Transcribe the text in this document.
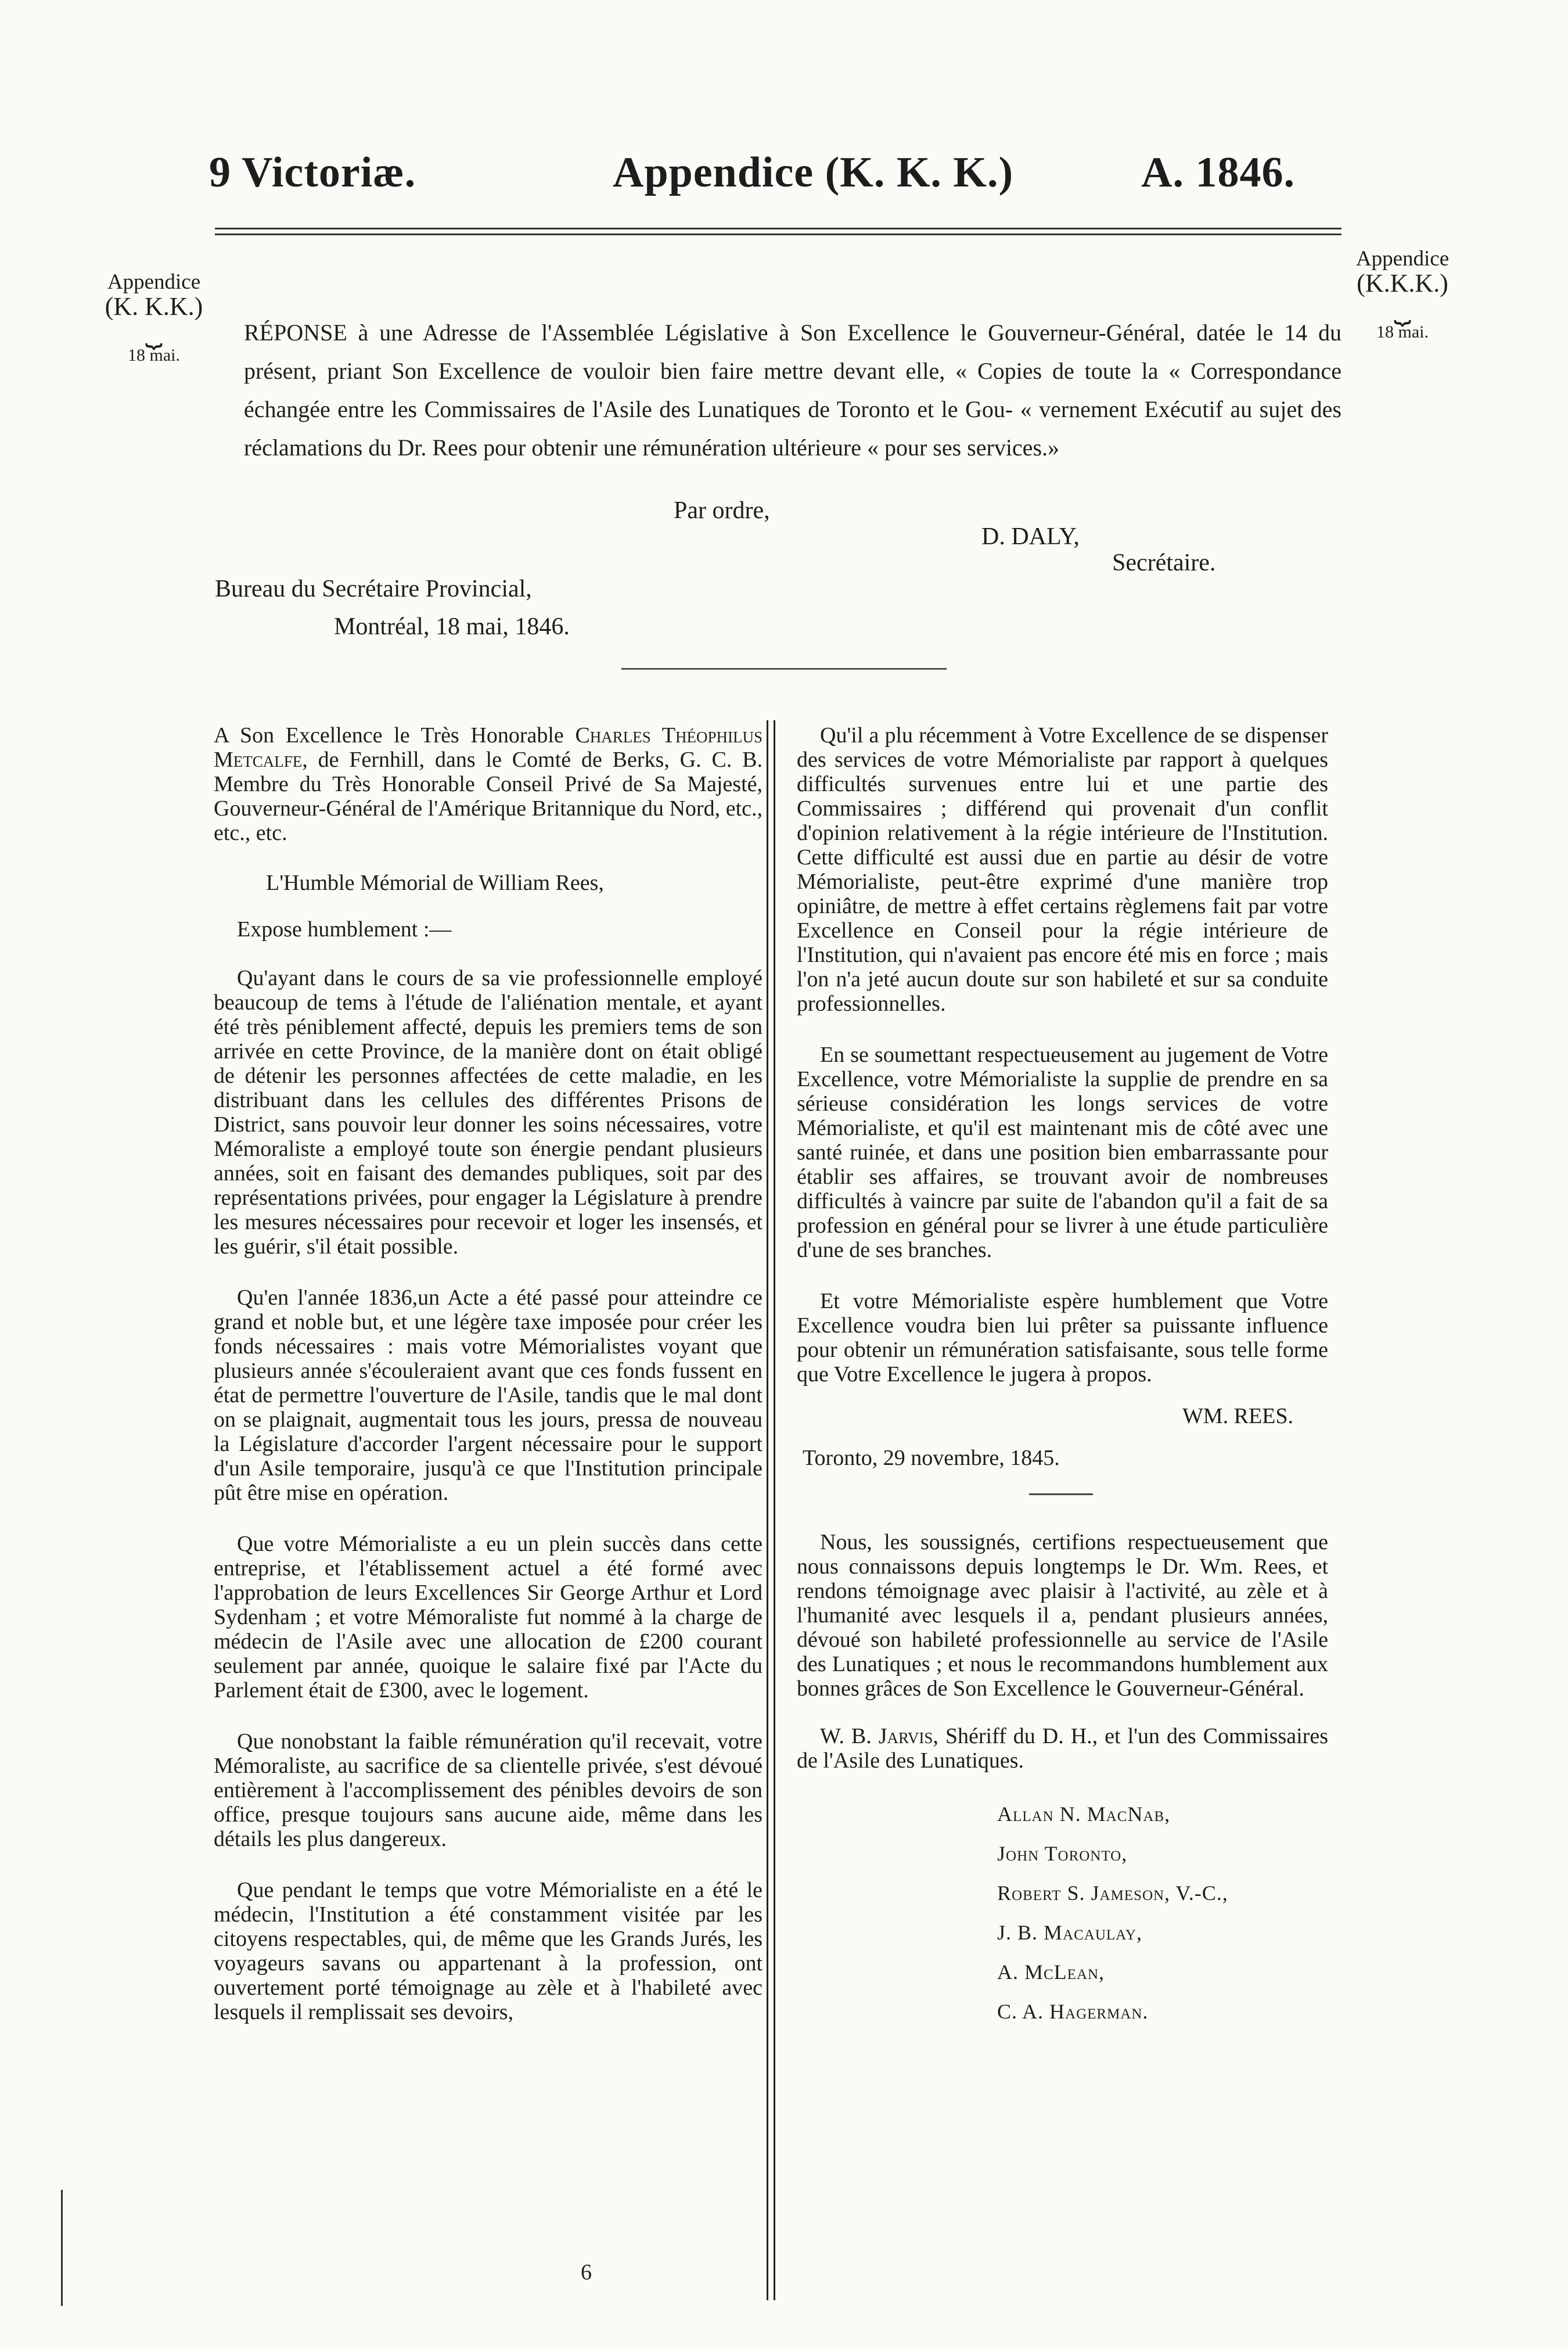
9 Victoriæ.	Appendice (K. K. K.)	A. 1846.
Appendice
(K. K.K.)
⏟
18 mai.
Appendice
(K.K.K.)
⏟
18 mai.
RÉPONSE à une Adresse de l'Assemblée Législative à Son Excellence le Gouverneur-Général, datée le 14 du présent, priant Son Excellence de vouloir bien faire mettre devant elle, « Copies de toute la « Correspondance échangée entre les Commissaires de l'Asile des Lunatiques de Toronto et le Gou- « vernement Exécutif au sujet des réclamations du Dr. Rees pour obtenir une rémunération ultérieure « pour ses services.»
Par ordre,
D. DALY,
Secrétaire.
Bureau du Secrétaire Provincial,
Montréal, 18 mai, 1846.

A Son Excellence le Très Honorable Charles Théophilus Metcalfe, de Fernhill, dans le Comté de Berks, G. C. B. Membre du Très Honorable Conseil Privé de Sa Majesté, Gouverneur-Général de l'Amérique Britannique du Nord, etc., etc., etc.

L'Humble Mémorial de William Rees,

Expose humblement :—

Qu'ayant dans le cours de sa vie professionnelle employé beaucoup de tems à l'étude de l'aliénation mentale, et ayant été très péniblement affecté, depuis les premiers tems de son arrivée en cette Province, de la manière dont on était obligé de détenir les personnes affectées de cette maladie, en les distribuant dans les cellules des différentes Prisons de District, sans pouvoir leur donner les soins nécessaires, votre Mémoraliste a employé toute son énergie pendant plusieurs années, soit en faisant des demandes publiques, soit par des représentations privées, pour engager la Législature à prendre les mesures nécessaires pour recevoir et loger les insensés, et les guérir, s'il était possible.

Qu'en l'année 1836,un Acte a été passé pour atteindre ce grand et noble but, et une légère taxe imposée pour créer les fonds nécessaires : mais votre Mémorialistes voyant que plusieurs année s'écouleraient avant que ces fonds fussent en état de permettre l'ouverture de l'Asile, tandis que le mal dont on se plaignait, augmentait tous les jours, pressa de nouveau la Législature d'accorder l'argent nécessaire pour le support d'un Asile temporaire, jusqu'à ce que l'Institution principale pût être mise en opération.

Que votre Mémorialiste a eu un plein succès dans cette entreprise, et l'établissement actuel a été formé avec l'approbation de leurs Excellences Sir George Arthur et Lord Sydenham ; et votre Mémoraliste fut nommé à la charge de médecin de l'Asile avec une allocation de £200 courant seulement par année, quoique le salaire fixé par l'Acte du Parlement était de £300, avec le logement.

Que nonobstant la faible rémunération qu'il recevait, votre Mémoraliste, au sacrifice de sa clientelle privée, s'est dévoué entièrement à l'accomplissement des pénibles devoirs de son office, presque toujours sans aucune aide, même dans les détails les plus dangereux.

Que pendant le temps que votre Mémorialiste en a été le médecin, l'Institution a été constamment visitée par les citoyens respectables, qui, de même que les Grands Jurés, les voyageurs savans ou appartenant à la profession, ont ouvertement porté témoignage au zèle et à l'habileté avec lesquels il remplissait ses devoirs,

6

Qu'il a plu récemment à Votre Excellence de se dispenser des services de votre Mémorialiste par rapport à quelques difficultés survenues entre lui et une partie des Commissaires ; différend qui provenait d'un conflit d'opinion relativement à la régie intérieure de l'Institution. Cette difficulté est aussi due en partie au désir de votre Mémorialiste, peut-être exprimé d'une manière trop opiniâtre, de mettre à effet certains règlemens fait par votre Excellence en Conseil pour la régie intérieure de l'Institution, qui n'avaient pas encore été mis en force ; mais l'on n'a jeté aucun doute sur son habileté et sur sa conduite professionnelles.

En se soumettant respectueusement au jugement de Votre Excellence, votre Mémorialiste la supplie de prendre en sa sérieuse considération les longs services de votre Mémorialiste, et qu'il est maintenant mis de côté avec une santé ruinée, et dans une position bien embarrassante pour établir ses affaires, se trouvant avoir de nombreuses difficultés à vaincre par suite de l'abandon qu'il a fait de sa profession en général pour se livrer à une étude particulière d'une de ses branches.

Et votre Mémorialiste espère humblement que Votre Excellence voudra bien lui prêter sa puissante influence pour obtenir un rémunération satisfaisante, sous telle forme que Votre Excellence le jugera à propos.

WM. REES.
Toronto, 29 novembre, 1845.

Nous, les soussignés, certifions respectueusement que nous connaissons depuis longtemps le Dr. Wm. Rees, et rendons témoignage avec plaisir à l'activité, au zèle et à l'humanité avec lesquels il a, pendant plusieurs années, dévoué son habileté professionnelle au service de l'Asile des Lunatiques ; et nous le recommandons humblement aux bonnes grâces de Son Excellence le Gouverneur-Général.

W. B. Jarvis, Shériff du D. H., et l'un des Commissaires de l'Asile des Lunatiques.

Allan N. MacNab,
John Toronto,
Robert S. Jameson, V.-C.,
J. B. Macaulay,
A. McLean,
C. A. Hagerman.
